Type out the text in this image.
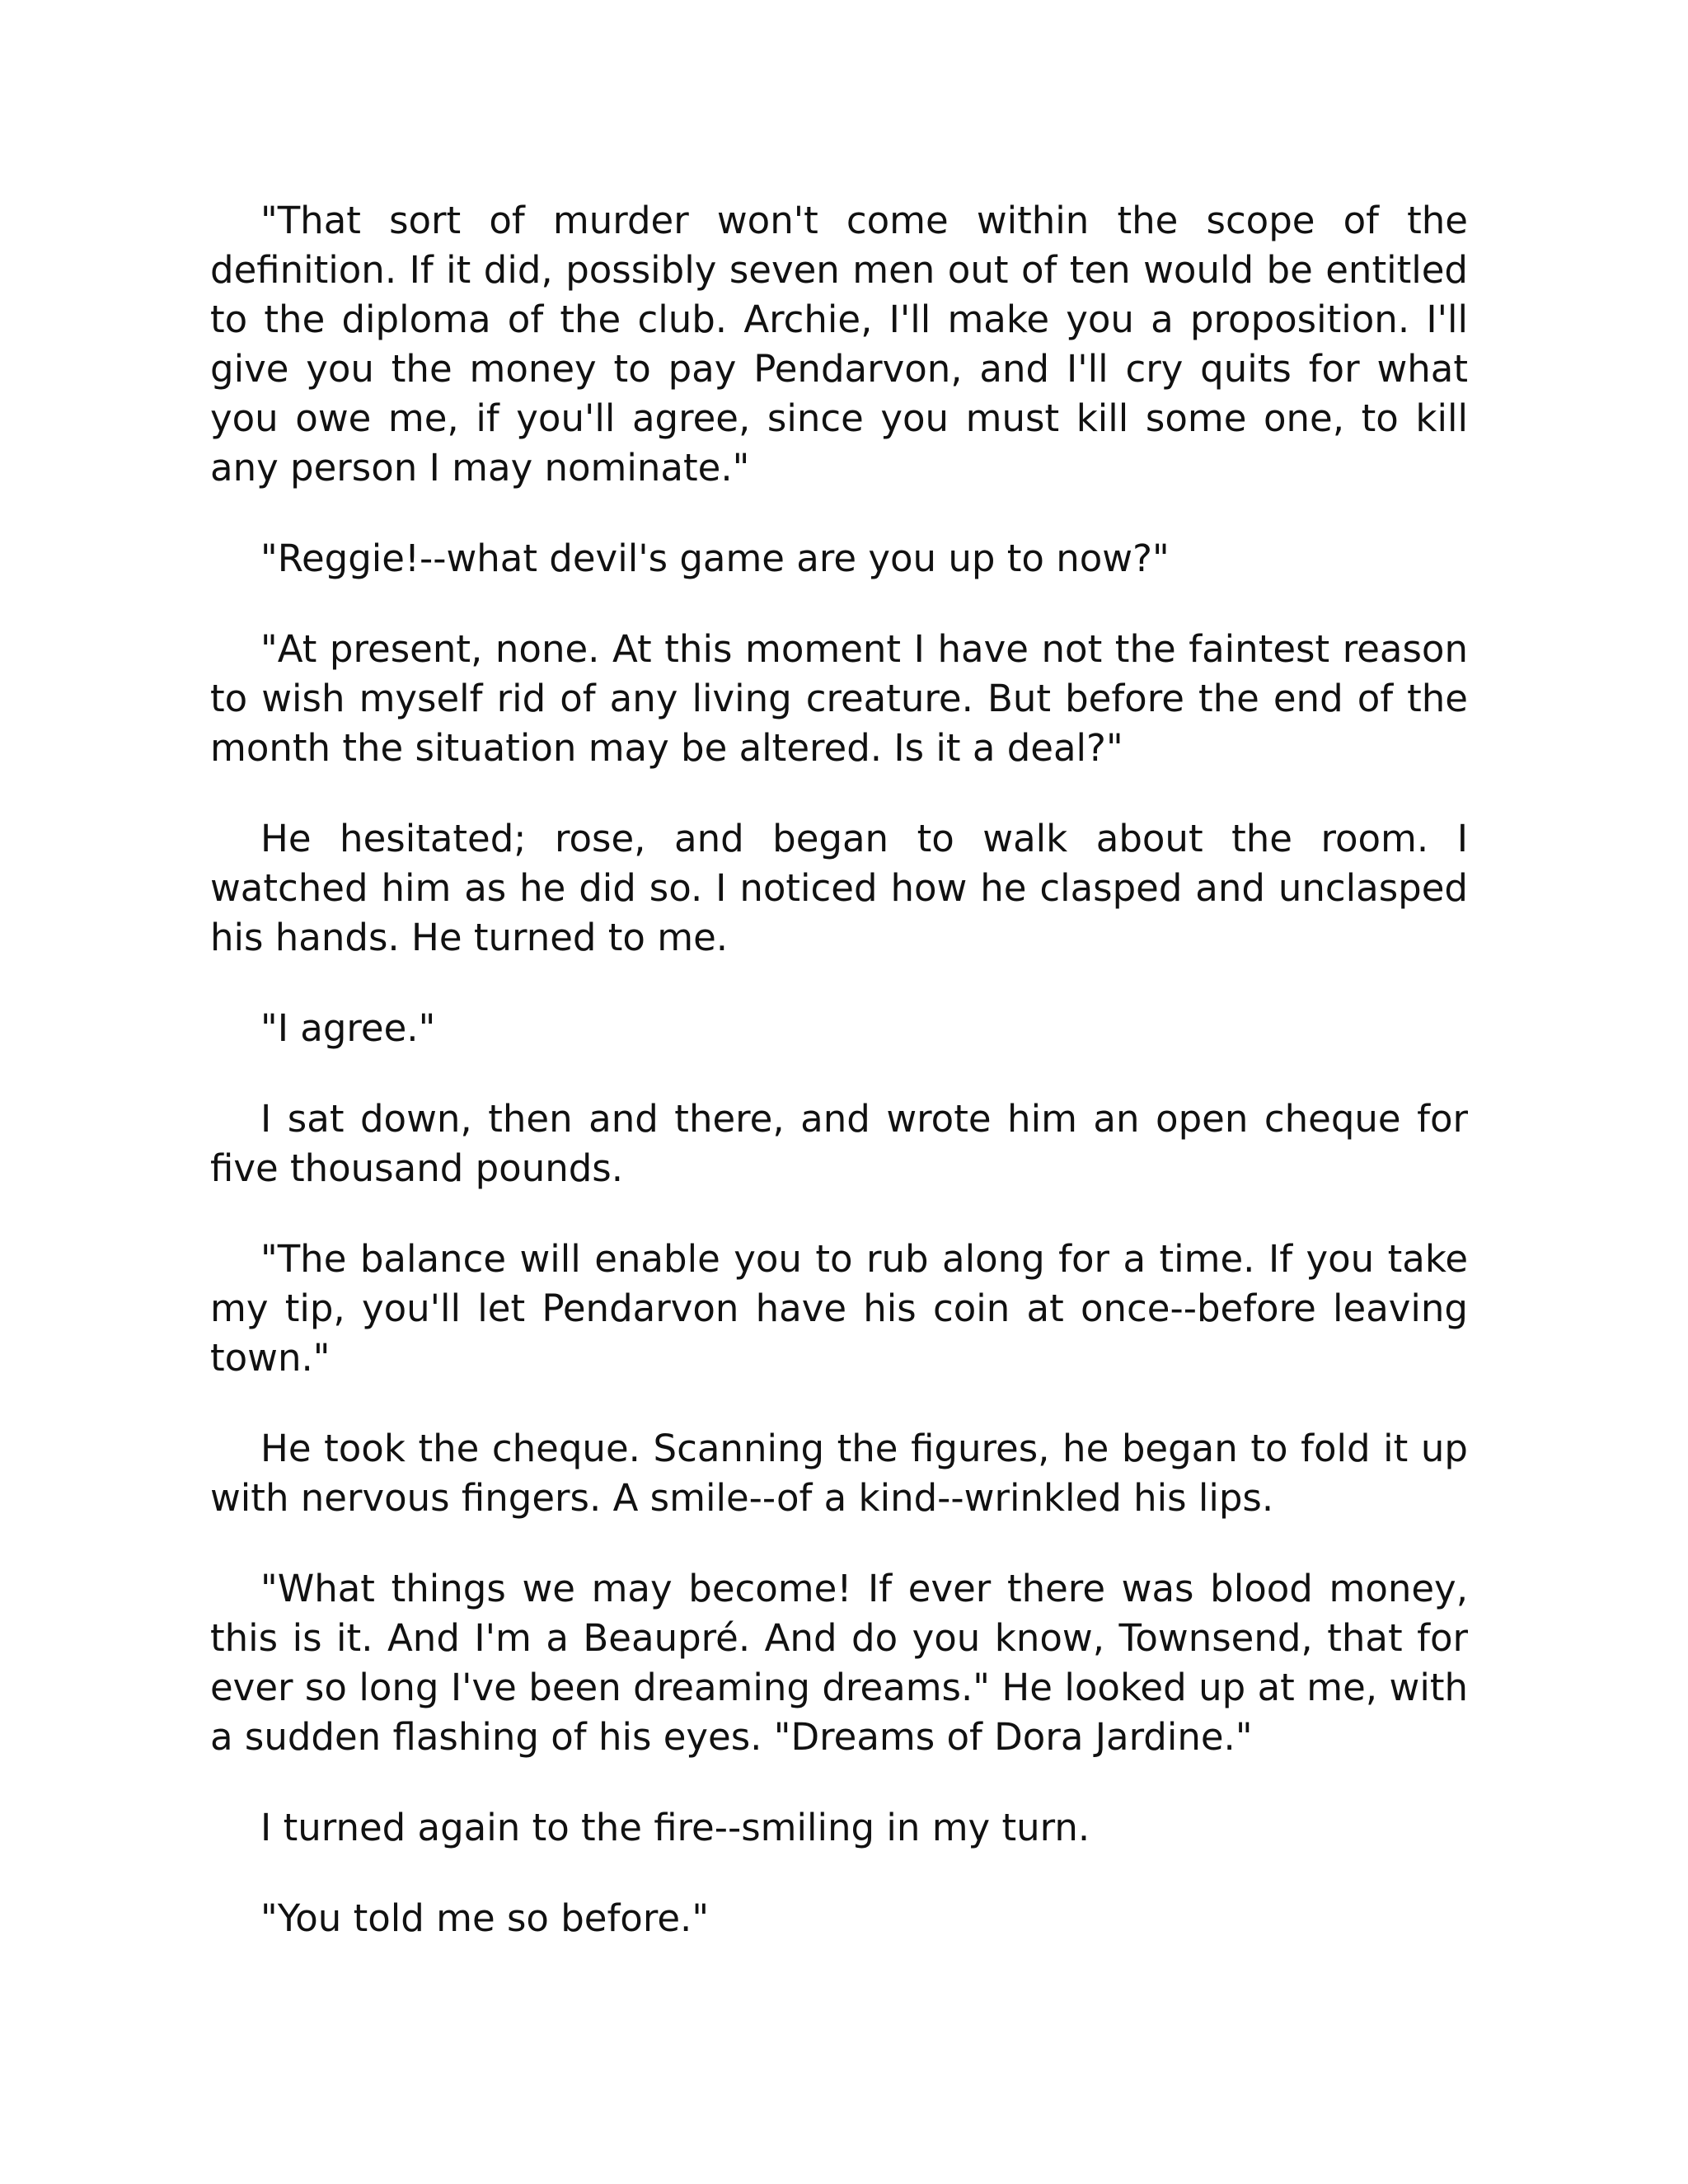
"That sort of murder won't come within the scope of the definition. If it did, possibly seven men out of ten would be entitled to the diploma of the club. Archie, I'll make you a proposition. I'll give you the money to pay Pendarvon, and I'll cry quits for what you owe me, if you'll agree, since you must kill some one, to kill any person I may nominate."

"Reggie!--what devil's game are you up to now?"

"At present, none. At this moment I have not the faintest reason to wish myself rid of any living creature. But before the end of the month the situation may be altered. Is it a deal?"

He hesitated; rose, and began to walk about the room. I watched him as he did so. I noticed how he clasped and unclasped his hands. He turned to me.

"I agree."

I sat down, then and there, and wrote him an open cheque for five thousand pounds.

"The balance will enable you to rub along for a time. If you take my tip, you'll let Pendarvon have his coin at once--before leaving town."

He took the cheque. Scanning the figures, he began to fold it up with nervous fingers. A smile--of a kind--wrinkled his lips.

"What things we may become! If ever there was blood money, this is it. And I'm a Beaupré. And do you know, Townsend, that for ever so long I've been dreaming dreams." He looked up at me, with a sudden flashing of his eyes. "Dreams of Dora Jardine."

I turned again to the fire--smiling in my turn.

"You told me so before."
